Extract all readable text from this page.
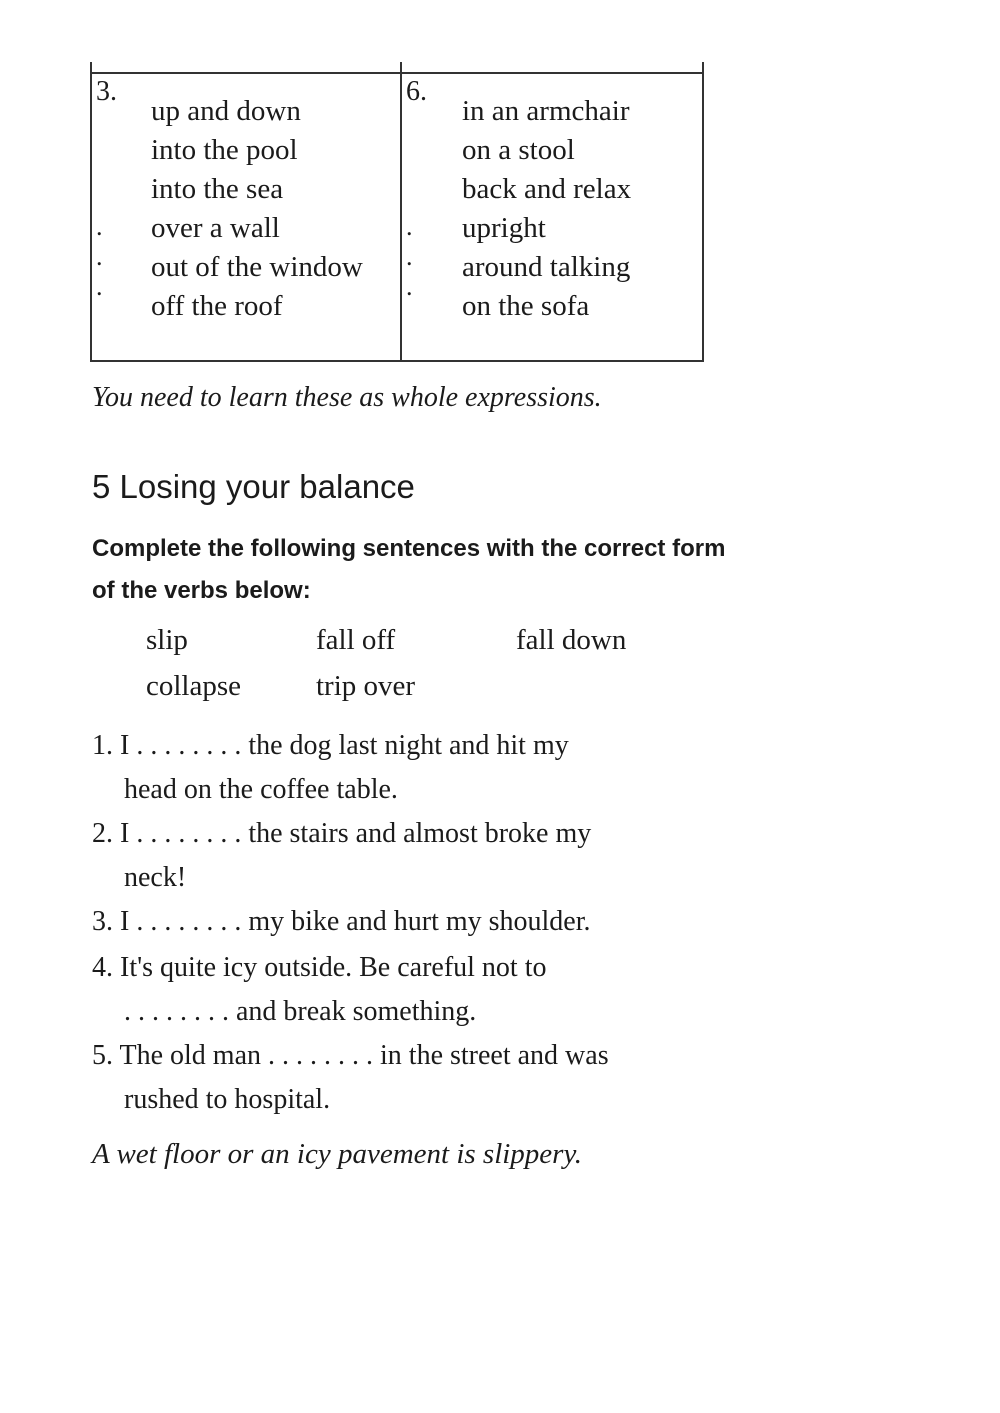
3.
. . .
up and down
into the pool
into the sea
over a wall
out of the window
off the roof
6.
. . .
in an armchair
on a stool
back and relax
upright
around talking
on the sofa
You need to learn these as whole expressions.
5 Losing your balance
Complete the following sentences with the correct form of the verbs below:
slip	fall off	fall down
collapse	trip over
1. I . . . . . . . . the dog last night and hit my
head on the coffee table.
2. I . . . . . . . . the stairs and almost broke my
neck!
3. I . . . . . . . . my bike and hurt my shoulder.
4. It's quite icy outside. Be careful not to
. . . . . . . . and break something.
5. The old man . . . . . . . . in the street and was
rushed to hospital.
A wet floor or an icy pavement is slippery.
